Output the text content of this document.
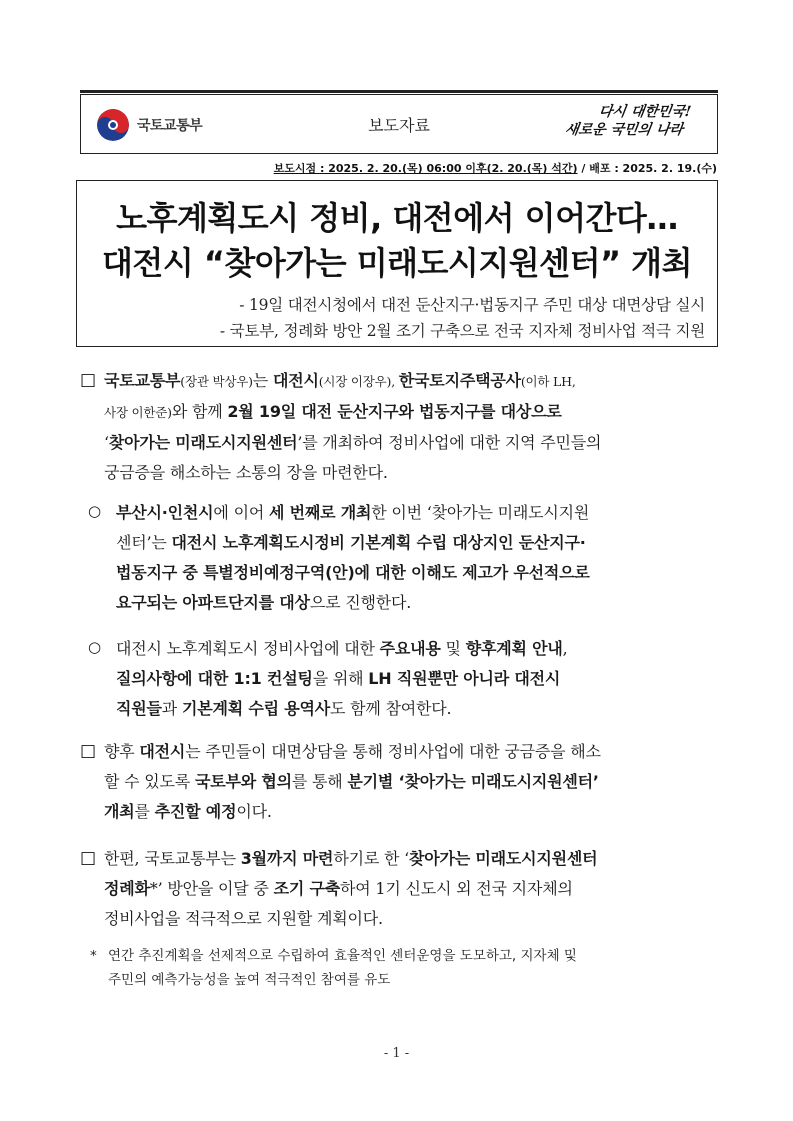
국토교통부	보도자료
다시 대한민국!
새로운 국민의 나라
보도시점 : 2025. 2. 20.(목) 06:00 이후(2. 20.(목) 석간) / 배포 : 2025. 2. 19.(수)
노후계획도시 정비, 대전에서 이어간다…
대전시 “찾아가는 미래도시지원센터” 개최
- 19일 대전시청에서 대전 둔산지구·법동지구 주민 대상 대면상담 실시
- 국토부, 정례화 방안 2월 조기 구축으로 전국 지자체 정비사업 적극 지원
□ 국토교통부(장관 박상우)는 대전시(시장 이장우), 한국토지주택공사(이하 LH,
사장 이한준)와 함께 2월 19일 대전 둔산지구와 법동지구를 대상으로
‘찾아가는 미래도시지원센터’를 개최하여 정비사업에 대한 지역 주민들의
궁금증을 해소하는 소통의 장을 마련한다.
○ 부산시·인천시에 이어 세 번째로 개최한 이번 ‘찾아가는 미래도시지원
센터’는 대전시 노후계획도시정비 기본계획 수립 대상지인 둔산지구·
법동지구 중 특별정비예정구역(안)에 대한 이해도 제고가 우선적으로
요구되는 아파트단지를 대상으로 진행한다.
○ 대전시 노후계획도시 정비사업에 대한 주요내용 및 향후계획 안내,
질의사항에 대한 1:1 컨설팅을 위해 LH 직원뿐만 아니라 대전시
직원들과 기본계획 수립 용역사도 함께 참여한다.
□ 향후 대전시는 주민들이 대면상담을 통해 정비사업에 대한 궁금증을 해소
할 수 있도록 국토부와 협의를 통해 분기별 ‘찾아가는 미래도시지원센터’
개최를 추진할 예정이다.
□ 한편, 국토교통부는 3월까지 마련하기로 한 ‘찾아가는 미래도시지원센터
정례화*’ 방안을 이달 중 조기 구축하여 1기 신도시 외 전국 지자체의
정비사업을 적극적으로 지원할 계획이다.
* 연간 추진계획을 선제적으로 수립하여 효율적인 센터운영을 도모하고, 지자체 및
주민의 예측가능성을 높여 적극적인 참여를 유도
- 1 -
